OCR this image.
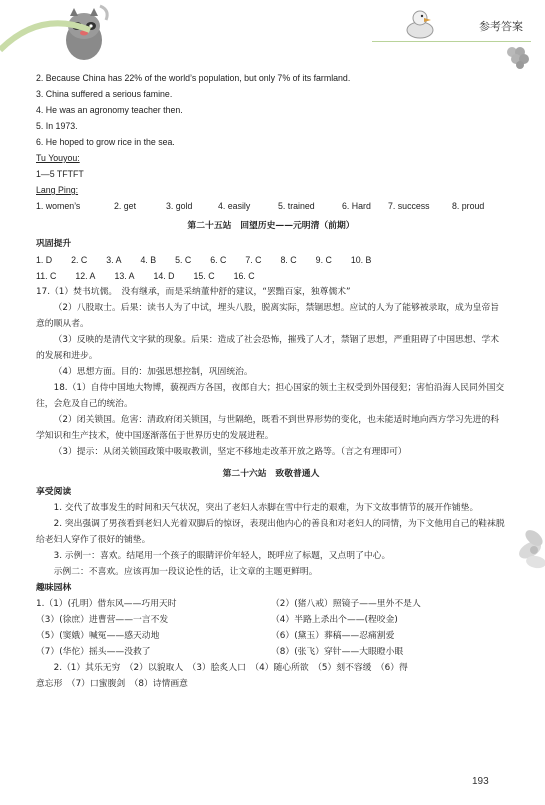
参考答案
2. Because China has 22% of the world’s population, but only 7% of its farmland.
3. China suffered a serious famine.
4. He was an agronomy teacher then.
5. In 1973.
6. He hoped to grow rice in the sea.
Tu Youyou:
1—5 TFTFT
Lang Ping:
1. women’s	2. get	3. gold	4. easily	5. trained	6. Hard	7. success	8. proud
第二十五站　回望历史——元明清（前期）
巩固提升
1. D 2. C 3. A 4. B 5. C 6. C 7. C 8. C 9. C 10. B
11. C 12. A 13. A 14. D 15. C 16. C
17.（1）焚书坑儒。　没有继承，而是采纳董仲舒的建议，“罢黜百家，独尊儒术”
（2）八股取士。后果：读书人为了中试，埋头八股，脱离实际，禁锢思想。应试的人为了能够被录取，成为皇帝旨意的顺从者。
（3）反映的是清代文字狱的现象。后果：造成了社会恐怖，摧残了人才，禁锢了思想，严重阻碍了中国思想、学术的发展和进步。
（4）思想方面。目的：加强思想控制，巩固统治。
18.（1）自侍中国地大物博，藐视西方各国，夜郎自大；担心国家的领土主权受到外国侵犯；害怕沿海人民同外国交往，会危及自己的统治。
（2）闭关锁国。危害：清政府闭关锁国，与世隔绝，既看不到世界形势的变化，也未能适时地向西方学习先进的科学知识和生产技术，使中国逐渐落伍于世界历史的发展进程。
（3）提示：从闭关锁国政策中吸取教训，坚定不移地走改革开放之路等。（言之有理即可）
第二十六站　致敬普通人
享受阅读
1. 交代了故事发生的时间和天气状况，突出了老妇人赤脚在雪中行走的艰难，为下文故事情节的展开作铺垫。
2. 突出强调了男孩看到老妇人光着双脚后的惊讶，表现出他内心的善良和对老妇人的同情，为下文他用自己的鞋袜脱给老妇人穿作了很好的铺垫。
3. 示例一：喜欢。结尾用一个孩子的眼睛评价年轻人，既呼应了标题，又点明了中心。
示例二：不喜欢。应该再加一段议论性的话，让文章的主题更鲜明。
趣味园林
1.（1）(孔明）借东风——巧用天时	（2）(猪八戒）照镜子——里外不是人
（3）(徐庶）进曹营——一言不发	（4）半路上杀出个——(程咬金)
（5）(窦娥）喊冤——感天动地	（6）(黛玉）葬稿——忍痛割爱
（7）(华佗）摇头——没救了	（8）(张飞）穿针——大眼瞪小眼
2.（1）其乐无穷　（2）以貌取人　（3）脍炙人口　（4）随心所欲　（5）刻不容缓　（6）得
意忘形　（7）口蜜腹剑　（8）诗情画意
193
